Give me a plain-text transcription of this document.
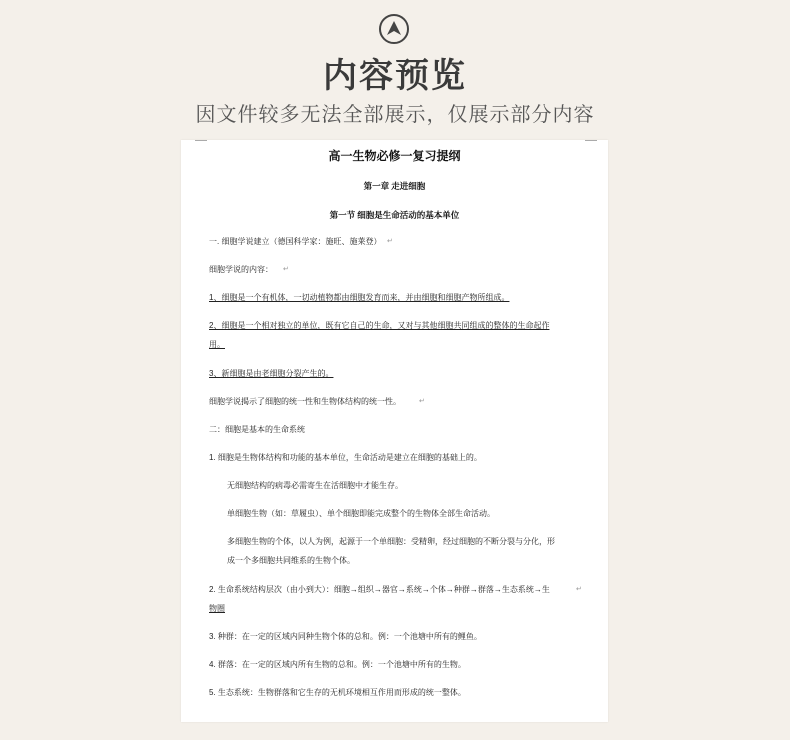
内容预览
因文件较多无法全部展示，仅展示部分内容
高一生物必修一复习提纲
第一章 走进细胞
第一节 细胞是生命活动的基本单位
一. 细胞学说建立（德国科学家：施旺、施莱登）
细胞学说的内容：
1、细胞是一个有机体，一切动植物都由细胞发育而来，并由细胞和细胞产物所组成。
2、细胞是一个相对独立的单位，既有它自己的生命，又对与其他细胞共同组成的整体的生命起作
用。
3、新细胞是由老细胞分裂产生的。
细胞学说揭示了细胞的统一性和生物体结构的统一性。
二：细胞是基本的生命系统
1. 细胞是生物体结构和功能的基本单位，生命活动是建立在细胞的基础上的。
无细胞结构的病毒必需寄生在活细胞中才能生存。
单细胞生物（如：草履虫）、单个细胞即能完成整个的生物体全部生命活动。
多细胞生物的个体，以人为例，起源于一个单细胞：受精卵，经过细胞的不断分裂与分化，形
成一个多细胞共同维系的生物个体。
2. 生命系统结构层次（由小到大）：细胞→组织→器官→系统→个体→种群→群落→生态系统→生
物圈
3. 种群：在一定的区域内同种生物个体的总和。例：一个池塘中所有的鲤鱼。
4. 群落：在一定的区域内所有生物的总和。例：一个池塘中所有的生物。
5. 生态系统：生物群落和它生存的无机环境相互作用而形成的统一整体。
↵
↵
↵
↵
